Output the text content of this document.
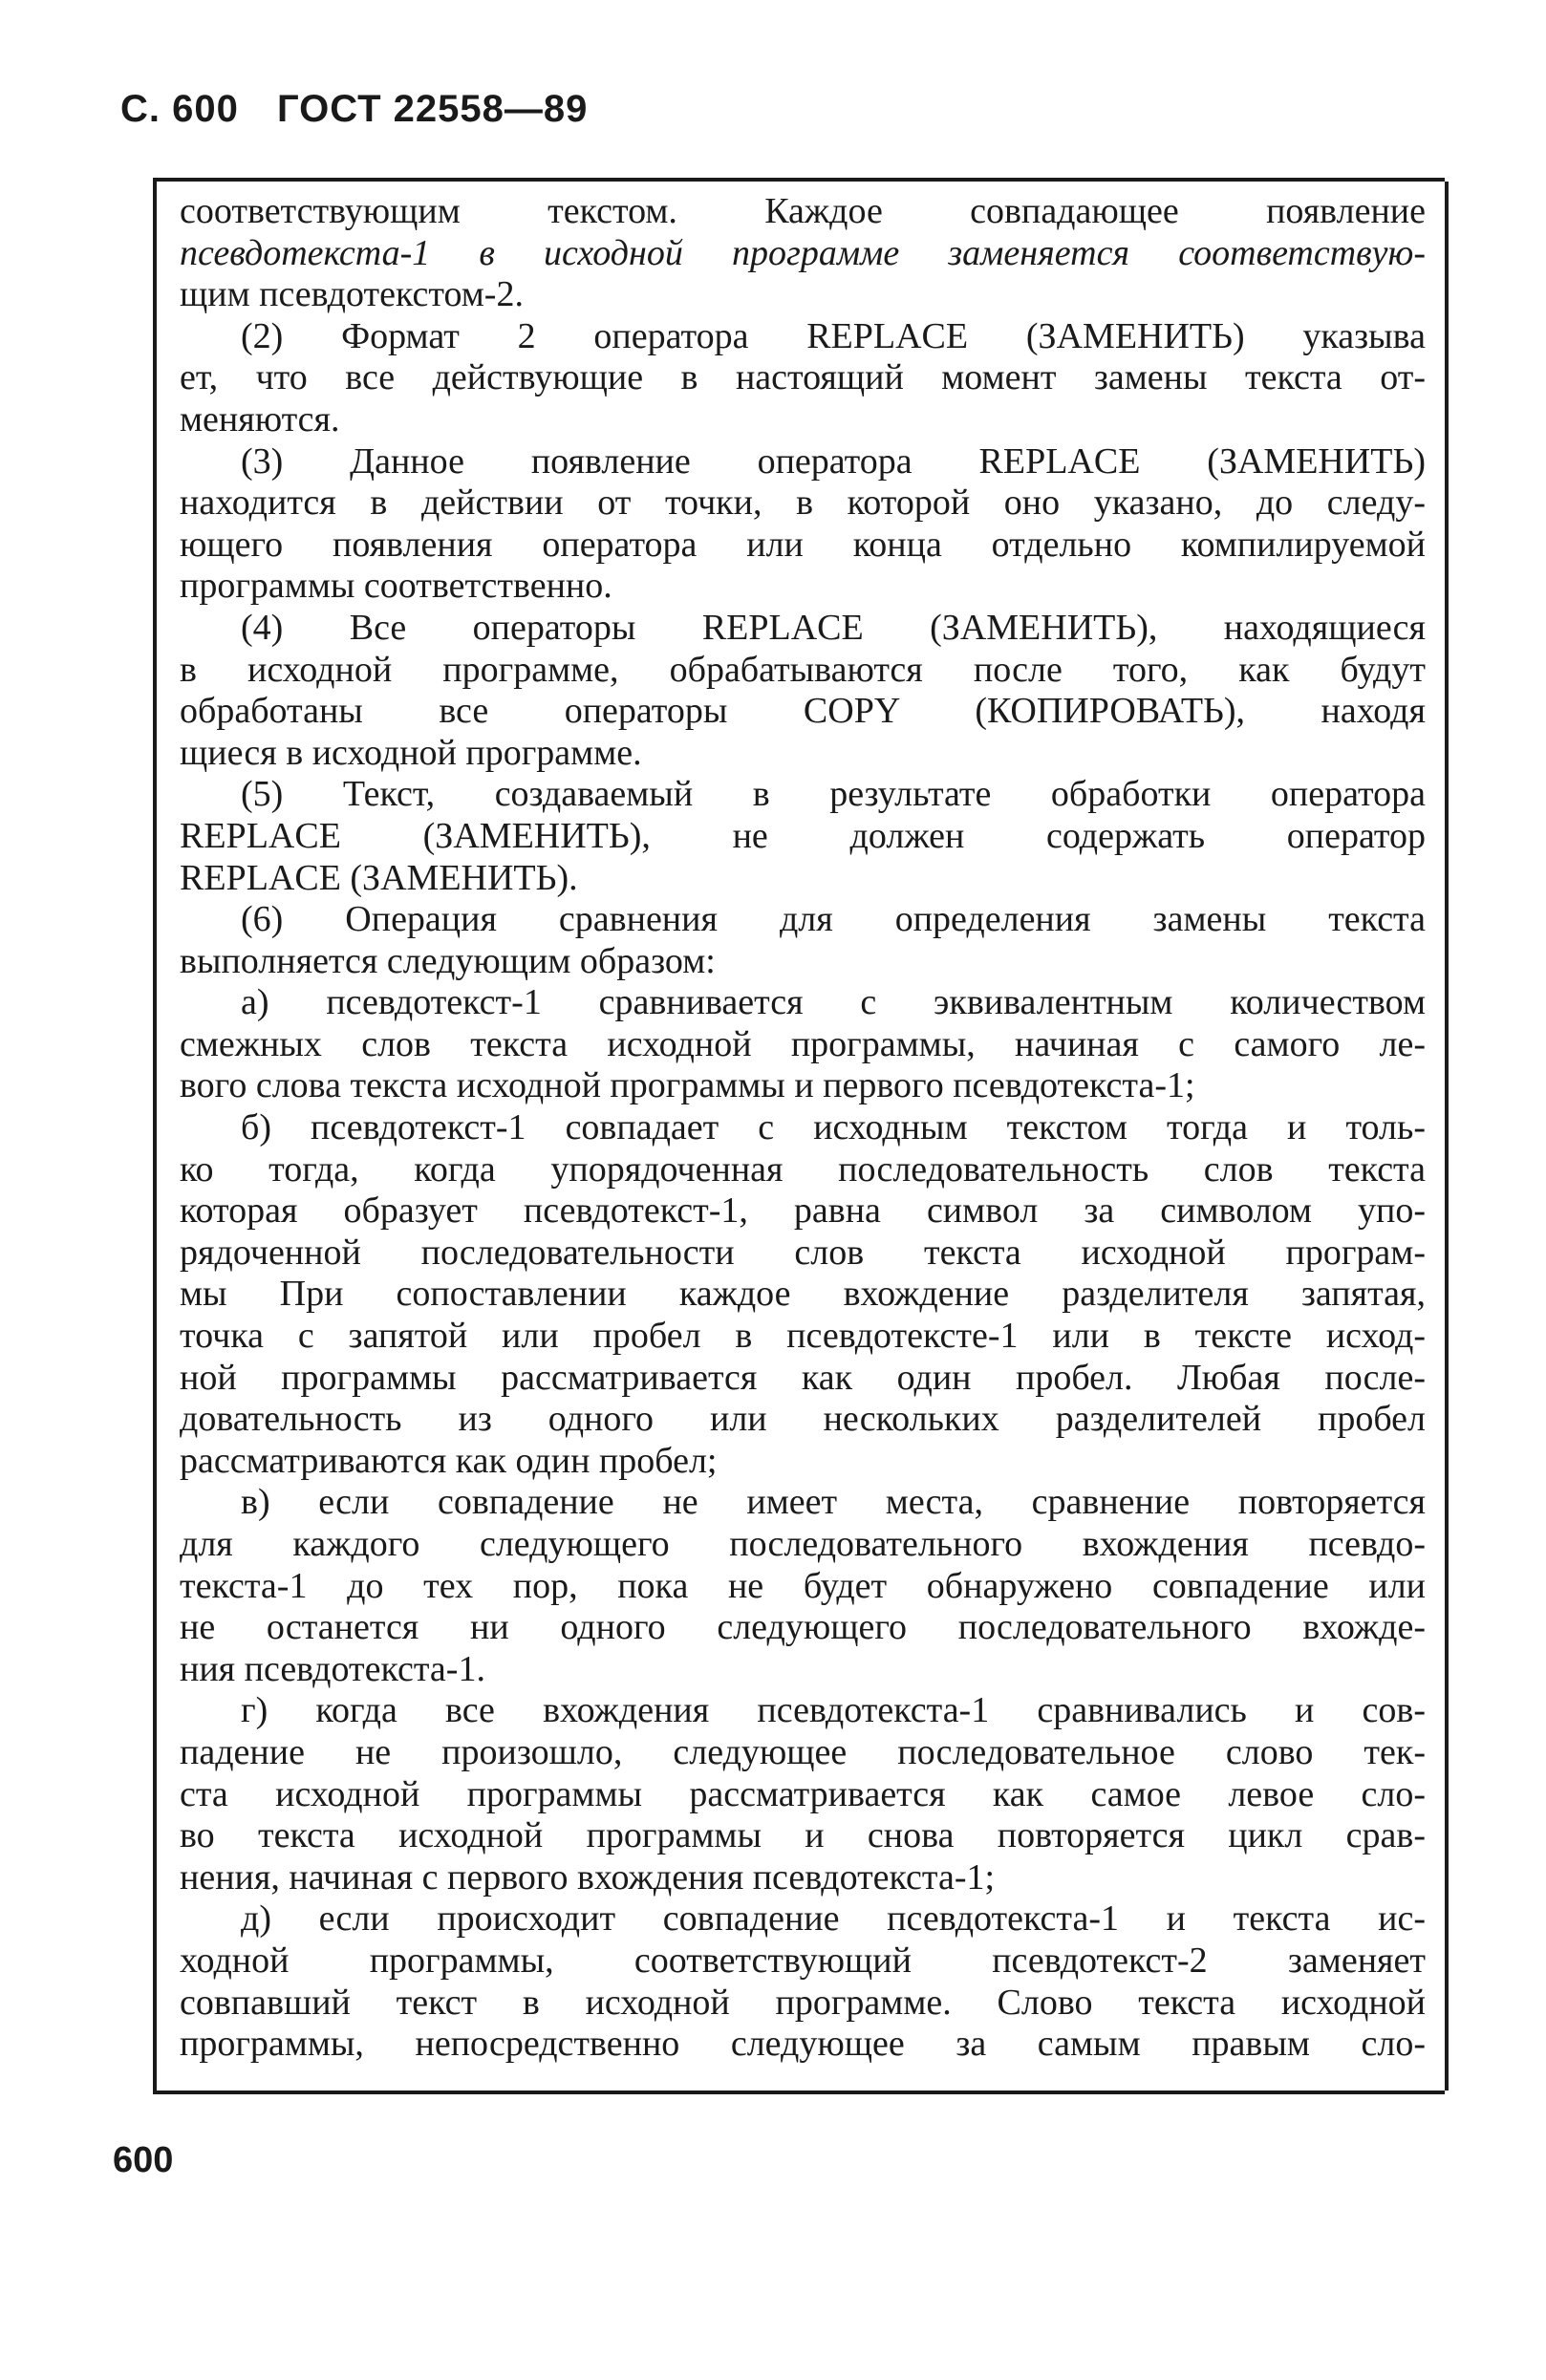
С. 600 ГОСТ 22558—89
соответствующим текстом. Каждое совпадающее появление
псевдотекста-1 в исходной программе заменяется соответствую-
щим псевдотекстом-2.
(2) Формат 2 оператора REPLACE (ЗАМЕНИТЬ) указыва
ет, что все действующие в настоящий момент замены текста от-
меняются.
(3) Данное появление оператора REPLACE (ЗАМЕНИТЬ)
находится в действии от точки, в которой оно указано, до следу-
ющего появления оператора или конца отдельно компилируемой
программы соответственно.
(4) Все операторы REPLACE (ЗАМЕНИТЬ), находящиеся
в исходной программе, обрабатываются после того, как будут
обработаны все операторы COPY (КОПИРОВАТЬ), находя
щиеся в исходной программе.
(5) Текст, создаваемый в результате обработки оператора
REPLACE (ЗАМЕНИТЬ), не должен содержать оператор
REPLACE (ЗАМЕНИТЬ).
(6) Операция сравнения для определения замены текста
выполняется следующим образом:
а) псевдотекст-1 сравнивается с эквивалентным количеством
смежных слов текста исходной программы, начиная с самого ле-
вого слова текста исходной программы и первого псевдотекста-1;
б) псевдотекст-1 совпадает с исходным текстом тогда и толь-
ко тогда, когда упорядоченная последовательность слов текста
которая образует псевдотекст-1, равна символ за символом упо-
рядоченной последовательности слов текста исходной програм-
мы При сопоставлении каждое вхождение разделителя запятая,
точка с запятой или пробел в псевдотексте-1 или в тексте исход-
ной программы рассматривается как один пробел. Любая после-
довательность из одного или нескольких разделителей пробел
рассматриваются как один пробел;
в) если совпадение не имеет места, сравнение повторяется
для каждого следующего последовательного вхождения псевдо-
текста-1 до тех пор, пока не будет обнаружено совпадение или
не останется ни одного следующего последовательного вхожде-
ния псевдотекста-1.
г) когда все вхождения псевдотекста-1 сравнивались и сов-
падение не произошло, следующее последовательное слово тек-
ста исходной программы рассматривается как самое левое сло-
во текста исходной программы и снова повторяется цикл срав-
нения, начиная с первого вхождения псевдотекста-1;
д) если происходит совпадение псевдотекста-1 и текста ис-
ходной программы, соответствующий псевдотекст-2 заменяет
совпавший текст в исходной программе. Слово текста исходной
программы, непосредственно следующее за самым правым сло-
600
